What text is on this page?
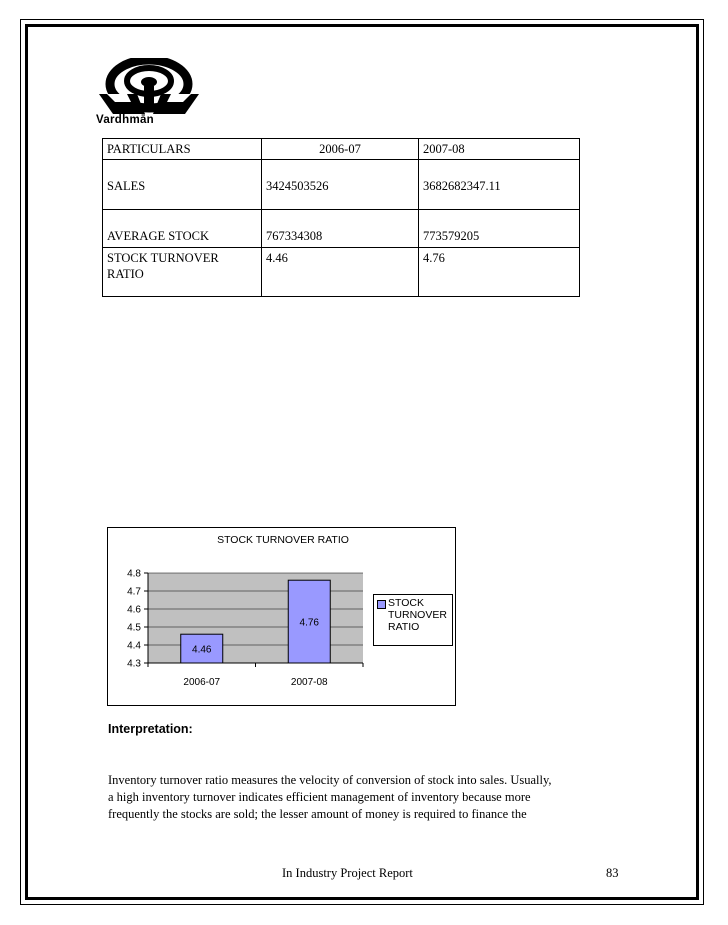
Vardhmān
PARTICULARS	2006-07	2007-08
SALES	3424503526	3682682347.11
AVERAGE STOCK	767334308	773579205
STOCK TURNOVER RATIO	4.46	4.76
STOCK TURNOVER RATIO
4.3
4.4
4.5
4.6
4.7
4.8
4.46
2006-07
4.76
2007-08
STOCK
TURNOVER
RATIO
Interpretation:

Inventory turnover ratio measures the velocity of conversion of stock into sales. Usually,

a high inventory turnover indicates efficient management of inventory because more

frequently the stocks are sold; the lesser amount of money is required to finance the

In Industry Project Report	83
